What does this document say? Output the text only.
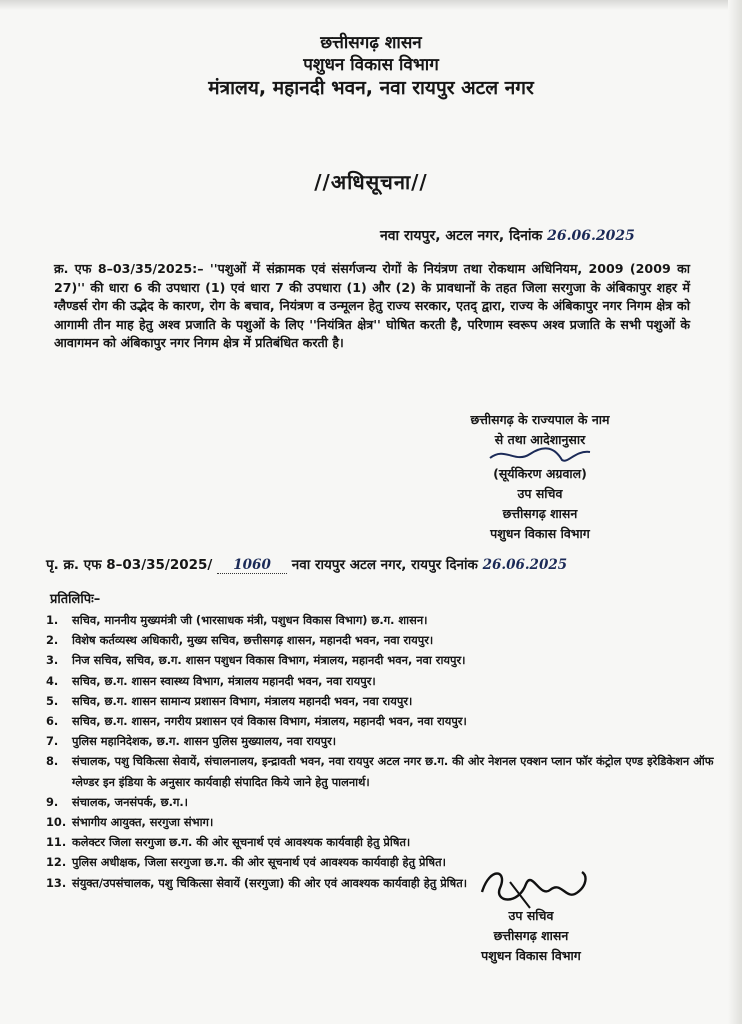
छत्तीसगढ़ शासन
पशुधन विकास विभाग
मंत्रालय, महानदी भवन, नवा रायपुर अटल नगर
//अधिसूचना//
नवा रायपुर, अटल नगर, दिनांक 26.06.2025
क्र. एफ 8–03/35/2025:– ''पशुओं में संक्रामक एवं संसर्गजन्य रोगों के नियंत्रण तथा रोकथाम अधिनियम, 2009 (2009 का 27)'' की धारा 6 की उपधारा (1) एवं धारा 7 की उपधारा (1) और (2) के प्रावधानों के तहत जिला सरगुजा के अंबिकापुर शहर में ग्लैण्डर्स रोग की उद्भेद के कारण, रोग के बचाव, नियंत्रण व उन्मूलन हेतु राज्य सरकार, एतद् द्वारा, राज्य के अंबिकापुर नगर निगम क्षेत्र को आगामी तीन माह हेतु अश्व प्रजाति के पशुओं के लिए ''नियंत्रित क्षेत्र'' घोषित करती है, परिणाम स्वरूप अश्व प्रजाति के सभी पशुओं के आवागमन को अंबिकापुर नगर निगम क्षेत्र में प्रतिबंधित करती है।
छत्तीसगढ़ के राज्यपाल के नाम
से तथा आदेशानुसार
(सूर्यकिरण अग्रवाल)
उप सचिव
छत्तीसगढ़ शासन
पशुधन विकास विभाग
पृ. क्र. एफ 8–03/35/2025/ 1060 नवा रायपुर अटल नगर, रायपुर दिनांक 26.06.2025
प्रतिलिपिः–
1.	सचिव, माननीय मुख्यमंत्री जी (भारसाधक मंत्री, पशुधन विकास विभाग) छ.ग. शासन।
2.	विशेष कर्तव्यस्थ अधिकारी, मुख्य सचिव, छत्तीसगढ़ शासन, महानदी भवन, नवा रायपुर।
3.	निज सचिव, सचिव, छ.ग. शासन पशुधन विकास विभाग, मंत्रालय, महानदी भवन, नवा रायपुर।
4.	सचिव, छ.ग. शासन स्वास्थ्य विभाग, मंत्रालय महानदी भवन, नवा रायपुर।
5.	सचिव, छ.ग. शासन सामान्य प्रशासन विभाग, मंत्रालय महानदी भवन, नवा रायपुर।
6.	सचिव, छ.ग. शासन, नगरीय प्रशासन एवं विकास विभाग, मंत्रालय, महानदी भवन, नवा रायपुर।
7.	पुलिस महानिदेशक, छ.ग. शासन पुलिस मुख्यालय, नवा रायपुर।
8.	संचालक, पशु चिकित्सा सेवायें, संचालनालय, इन्द्रावती भवन, नवा रायपुर अटल नगर छ.ग. की ओर नेशनल एक्शन प्लान फॉर कंट्रोल एण्ड इरेडिकेशन ऑफ ग्लेण्डर इन इंडिया के अनुसार कार्यवाही संपादित किये जाने हेतु पालनार्थ।
9.	संचालक, जनसंपर्क, छ.ग.।
10. संभागीय आयुक्त, सरगुजा संभाग।
11. कलेक्टर जिला सरगुजा छ.ग. की ओर सूचनार्थ एवं आवश्यक कार्यवाही हेतु प्रेषित।
12. पुलिस अधीक्षक, जिला सरगुजा छ.ग. की ओर सूचनार्थ एवं आवश्यक कार्यवाही हेतु प्रेषित।
13. संयुक्त/उपसंचालक, पशु चिकित्सा सेवायें (सरगुजा) की ओर एवं आवश्यक कार्यवाही हेतु प्रेषित।
उप सचिव
छत्तीसगढ़ शासन
पशुधन विकास विभाग
